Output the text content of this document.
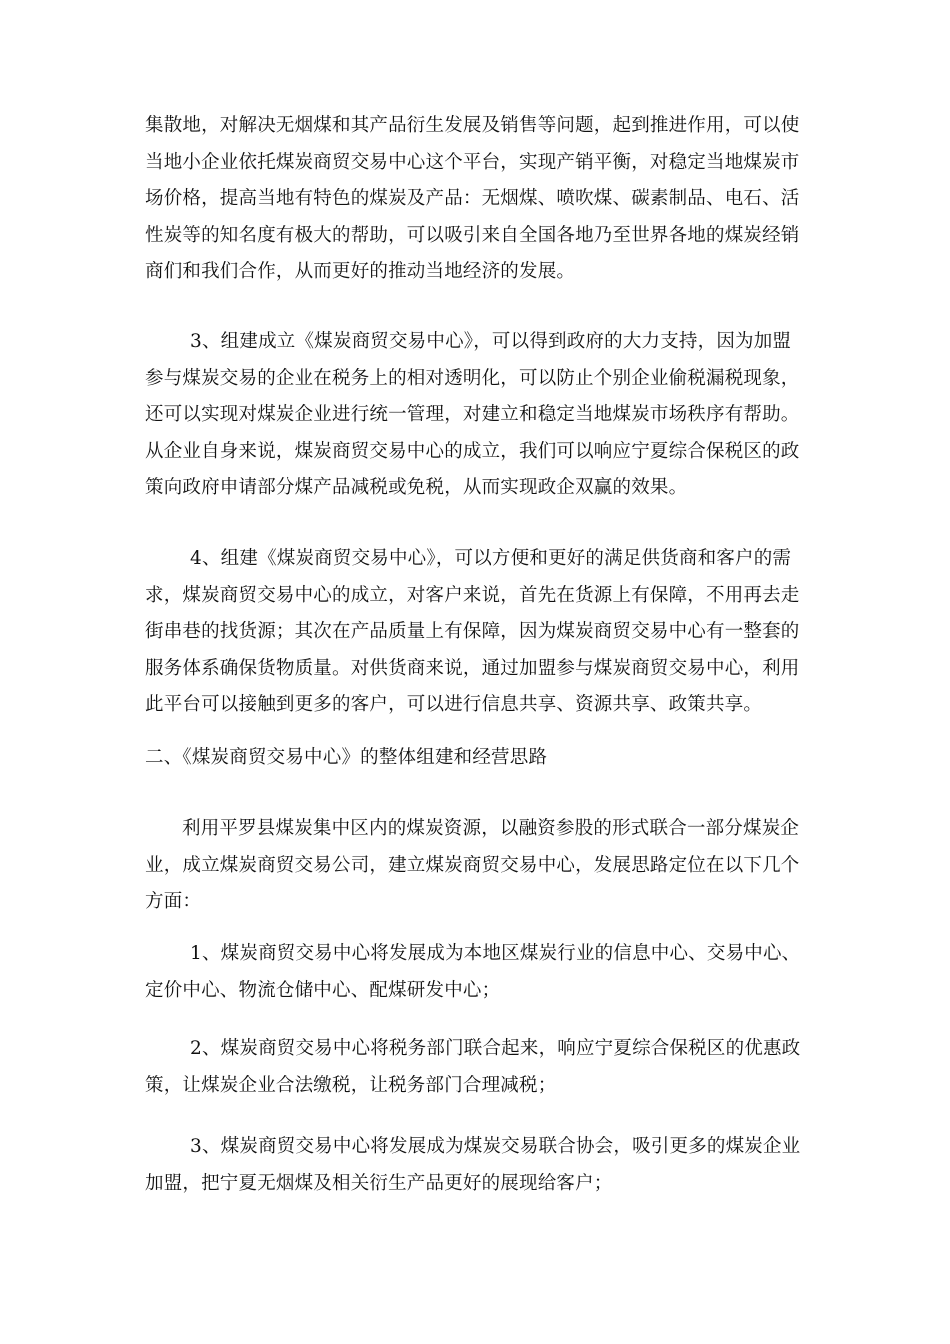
集散地，对解决无烟煤和其产品衍生发展及销售等问题，起到推进作用，可以使当地小企业依托煤炭商贸交易中心这个平台，实现产销平衡，对稳定当地煤炭市场价格，提高当地有特色的煤炭及产品：无烟煤、喷吹煤、碳素制品、电石、活性炭等的知名度有极大的帮助，可以吸引来自全国各地乃至世界各地的煤炭经销商们和我们合作，从而更好的推动当地经济的发展。

3、组建成立《煤炭商贸交易中心》，可以得到政府的大力支持，因为加盟参与煤炭交易的企业在税务上的相对透明化，可以防止个别企业偷税漏税现象，还可以实现对煤炭企业进行统一管理，对建立和稳定当地煤炭市场秩序有帮助。从企业自身来说，煤炭商贸交易中心的成立，我们可以响应宁夏综合保税区的政策向政府申请部分煤产品减税或免税，从而实现政企双赢的效果。

4、组建《煤炭商贸交易中心》，可以方便和更好的满足供货商和客户的需求，煤炭商贸交易中心的成立，对客户来说，首先在货源上有保障，不用再去走街串巷的找货源；其次在产品质量上有保障，因为煤炭商贸交易中心有一整套的服务体系确保货物质量。对供货商来说，通过加盟参与煤炭商贸交易中心，利用此平台可以接触到更多的客户，可以进行信息共享、资源共享、政策共享。

二、《煤炭商贸交易中心》的整体组建和经营思路

利用平罗县煤炭集中区内的煤炭资源，以融资参股的形式联合一部分煤炭企业，成立煤炭商贸交易公司，建立煤炭商贸交易中心，发展思路定位在以下几个方面：

1、煤炭商贸交易中心将发展成为本地区煤炭行业的信息中心、交易中心、定价中心、物流仓储中心、配煤研发中心；

2、煤炭商贸交易中心将税务部门联合起来，响应宁夏综合保税区的优惠政策，让煤炭企业合法缴税，让税务部门合理减税；

3、煤炭商贸交易中心将发展成为煤炭交易联合协会，吸引更多的煤炭企业加盟，把宁夏无烟煤及相关衍生产品更好的展现给客户；
